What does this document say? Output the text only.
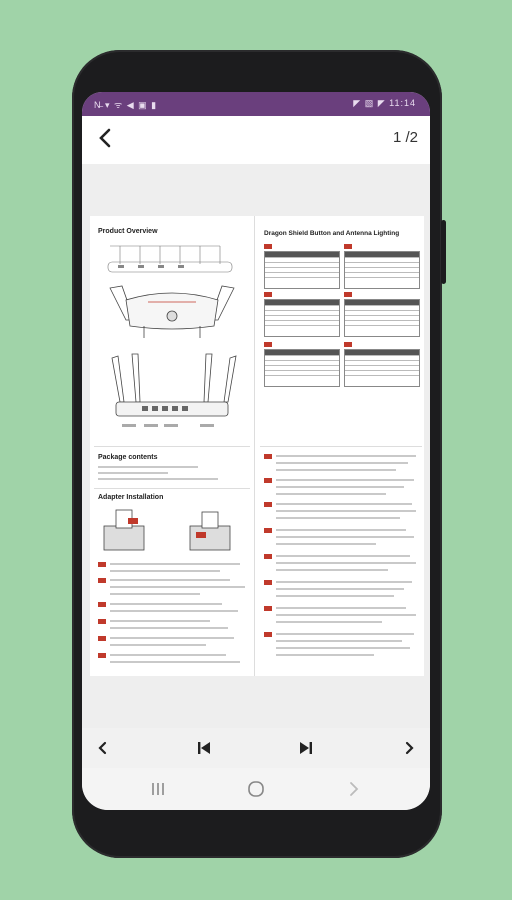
N̶ ▾ ᯤ ◀ ▣ ▮	◤ ▧ ◤ 11:14
1 /2
Product Overview
Package contents
Adapter Installation
Dragon Shield Button and Antenna Lighting
